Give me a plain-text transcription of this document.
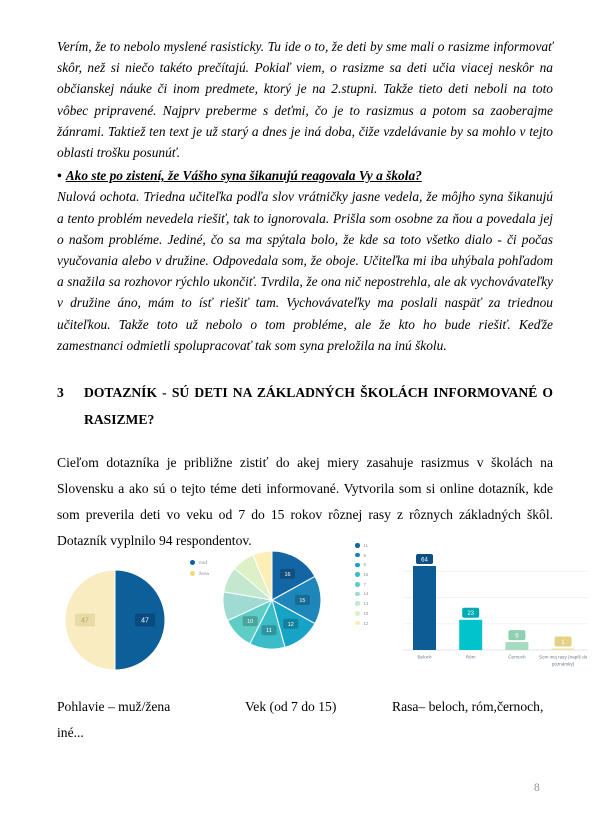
Verím, že to nebolo myslené rasisticky. Tu ide o to, že deti by sme mali o rasizme informovať skôr, než si niečo takéto prečítajú. Pokiaľ viem, o rasizme sa deti učia viacej neskôr na občianskej náuke či inom predmete, ktorý je na 2.stupni. Takže tieto deti neboli na toto vôbec pripravené. Najprv preberme s deťmi, čo je to rasizmus a potom sa zaoberajme žánrami. Taktiež ten text je už starý a dnes je iná doba, čiže vzdelávanie by sa mohlo v tejto oblasti trošku posunúť.

• Ako ste po zistení, že Vášho syna šikanujú reagovala Vy a škola?

Nulová ochota. Triedna učiteľka podľa slov vrátničky jasne vedela, že môjho syna šikanujú a tento problém nevedela riešiť, tak to ignorovala. Prišla som osobne za ňou a povedala jej o našom probléme. Jediné, čo sa ma spýtala bolo, že kde sa toto všetko dialo - či počas vyučovania alebo v družine. Odpovedala som, že oboje. Učiteľka mi iba uhýbala pohľadom a snažila sa rozhovor rýchlo ukončiť. Tvrdila, že ona nič nepostrehla, ale ak vychovávateľky v družine áno, mám to ísť riešiť tam. Vychovávateľky ma poslali naspäť za triednou učiteľkou. Takže toto už nebolo o tom probléme, ale že kto ho bude riešiť. Keďže zamestnanci odmietli spolupracovať tak som syna preložila na inú školu.

3 DOTAZNÍK - SÚ DETI NA ZÁKLADNÝCH ŠKOLÁCH INFORMOVANÉ O
RASIZME?

Cieľom dotazníka je približne zistiť do akej miery zasahuje rasizmus v školách na Slovensku a ako sú o tejto téme deti informované. Vytvorila som si online dotazník, kde som preverila deti vo veku od 7 do 15 rokov rôznej rasy z rôznych základných škôl. Dotazník vyplnilo 94 respondentov.

47
47
muž
žena	16
15
12
11
10
11
9
8
15
7
14
13
10
12
64
Beloch
23
Róm
6
Černoch
1
Som inej rasy (napíš do
poznámky)
Pohlavie – muž/žena	Vek (od 7 do 15)	Rasa– beloch, róm,černoch,
iné...
8
